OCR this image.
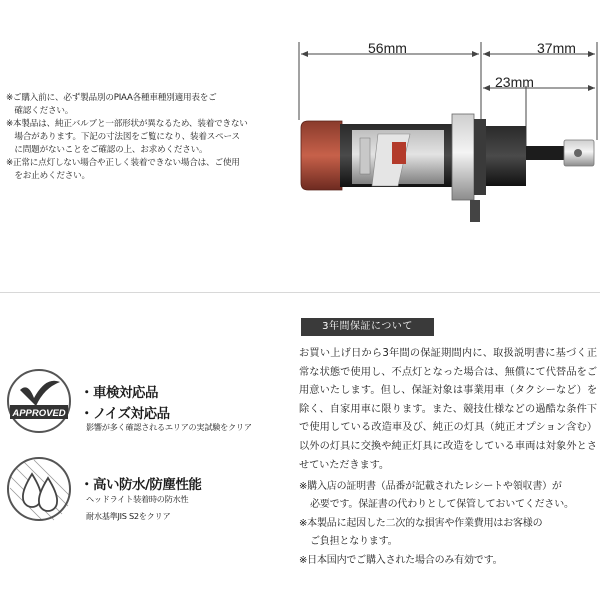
56mm	37mm
23mm
※ご購入前に、必ず製品別のPIAA各種車種別適用表をご
　確認ください。
※本製品は、純正バルブと一部形状が異なるため、装着できない
　場合があります。下記の寸法図をご覧になり、装着スペース
　に問題がないことをご確認の上、お求めください。
※正常に点灯しない場合や正しく装着できない場合は、ご使用
　をお止めください。
3年間保証について

お買い上げ日から3年間の保証期間内に、取扱説明書に基づく正常な状態で使用し、不点灯となった場合は、無償にて代替品をご用意いたします。但し、保証対象は事業用車（タクシーなど）を除く、自家用車に限ります。また、競技仕様などの過酷な条件下で使用している改造車及び、純正の灯具（純正オプション含む）以外の灯具に交換や純正灯具に改造をしている車両は対象外とさせていただきます。

※購入店の証明書（品番が記載されたレシートや領収書）が
必要です。保証書の代わりとして保管しておいてください。
※本製品に起因した二次的な損害や作業費用はお客様の
ご負担となります。
※日本国内でご購入された場合のみ有効です。
APPROVED
・車検対応品
・ノイズ対応品
影響が多く確認されるエリアの実試験をクリア
・高い防水/防塵性能
ヘッドライト装着時の防水性
耐水基準JIS S2をクリア
